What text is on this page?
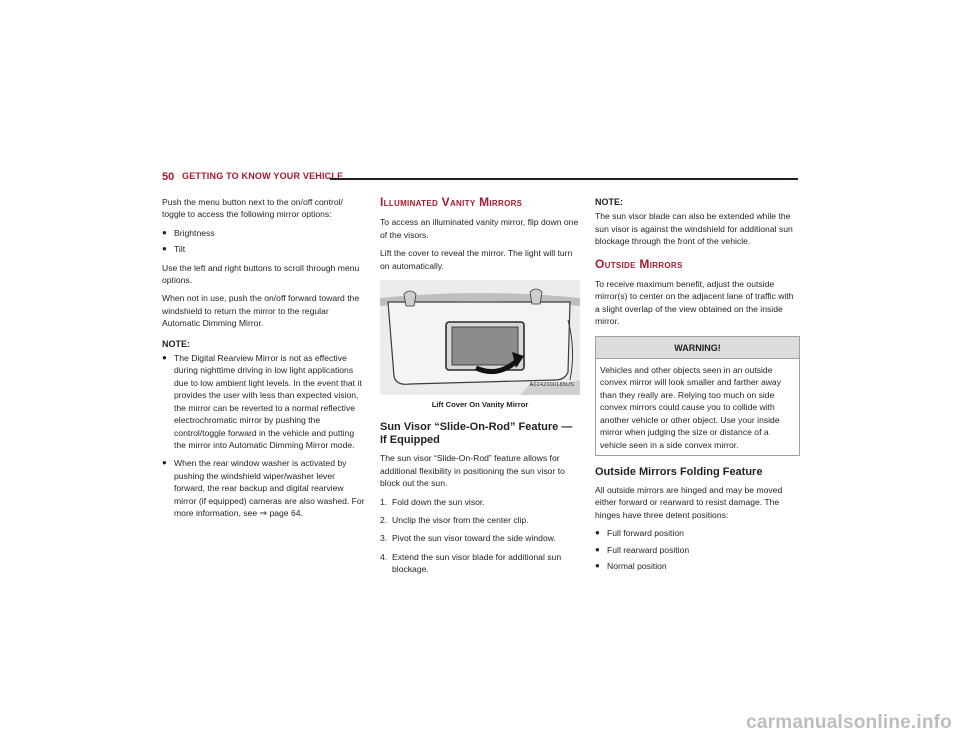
50 GETTING TO KNOW YOUR VEHICLE

Push the menu button next to the on/off control/ toggle to access the following mirror options:

● Brightness
● Tilt

Use the left and right buttons to scroll through menu options.

When not in use, push the on/off forward toward the windshield to return the mirror to the regular Automatic Dimming Mirror.

NOTE:
● The Digital Rearview Mirror is not as effective during nighttime driving in low light applications due to low ambient light levels. In the event that it provides the user with less than expected vision, the mirror can be reverted to a normal reflective electrochromatic mirror by pushing the control/toggle forward in the vehicle and putting the mirror into Automatic Dimming Mirror mode.
● When the rear window washer is activated by pushing the windshield wiper/washer lever forward, the rear backup and digital rearview mirror (if equipped) cameras are also washed. For more information, see ⇒ page 64.
Illuminated Vanity Mirrors

To access an illuminated vanity mirror, flip down one of the visors.

Lift the cover to reveal the mirror. The light will turn on automatically.

A0242000185US
Lift Cover On Vanity Mirror
Sun Visor “Slide-On-Rod” Feature — If Equipped

The sun visor “Slide-On-Rod” feature allows for additional flexibility in positioning the sun visor to block out the sun.

1. Fold down the sun visor.
2. Unclip the visor from the center clip.
3. Pivot the sun visor toward the side window.
4. Extend the sun visor blade for additional sun blockage.
NOTE:

The sun visor blade can also be extended while the sun visor is against the windshield for additional sun blockage through the front of the vehicle.

Outside Mirrors

To receive maximum benefit, adjust the outside mirror(s) to center on the adjacent lane of traffic with a slight overlap of the view obtained on the inside mirror.

WARNING!
Vehicles and other objects seen in an outside convex mirror will look smaller and farther away than they really are. Relying too much on side convex mirrors could cause you to collide with another vehicle or other object. Use your inside mirror when judging the size or distance of a vehicle seen in a side convex mirror.
Outside Mirrors Folding Feature

All outside mirrors are hinged and may be moved either forward or rearward to resist damage. The hinges have three detent positions:

● Full forward position
● Full rearward position
● Normal position
carmanualsonline.info
